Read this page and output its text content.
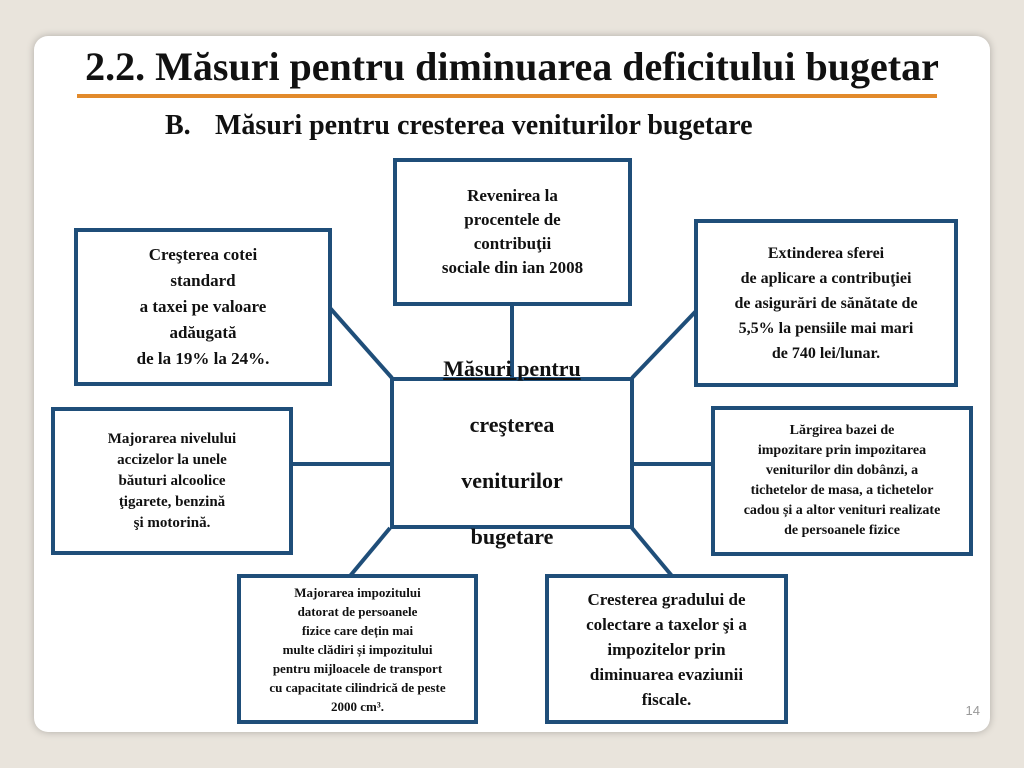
2.2. Măsuri pentru diminuarea deficitului bugetar
B. Măsuri pentru cresterea veniturilor bugetare
Revenirea la
procentele de
contribuţii
sociale din ian 2008
Creşterea cotei
standard
a taxei pe valoare
adăugată
de la 19% la 24%.
Extinderea sferei
de aplicare a contribuţiei
de asigurări de sănătate de
5,5% la pensiile mai mari
de 740 lei/lunar.
Majorarea nivelului
accizelor la unele
băuturi alcoolice
ţigarete, benzină
şi motorină.

Măsuri pentru

creşterea

veniturilor

bugetare

Lărgirea bazei de
impozitare prin impozitarea
veniturilor din dobânzi, a
tichetelor de masa, a tichetelor
cadou și a altor venituri realizate
de persoanele fizice
Majorarea impozitului
datorat de persoanele
fizice care dețin mai
multe clădiri și impozitului
pentru mijloacele de transport
cu capacitate cilindrică de peste
2000 cm³.
Cresterea gradului de
colectare a taxelor şi a
impozitelor prin
diminuarea evaziunii
fiscale.
14
